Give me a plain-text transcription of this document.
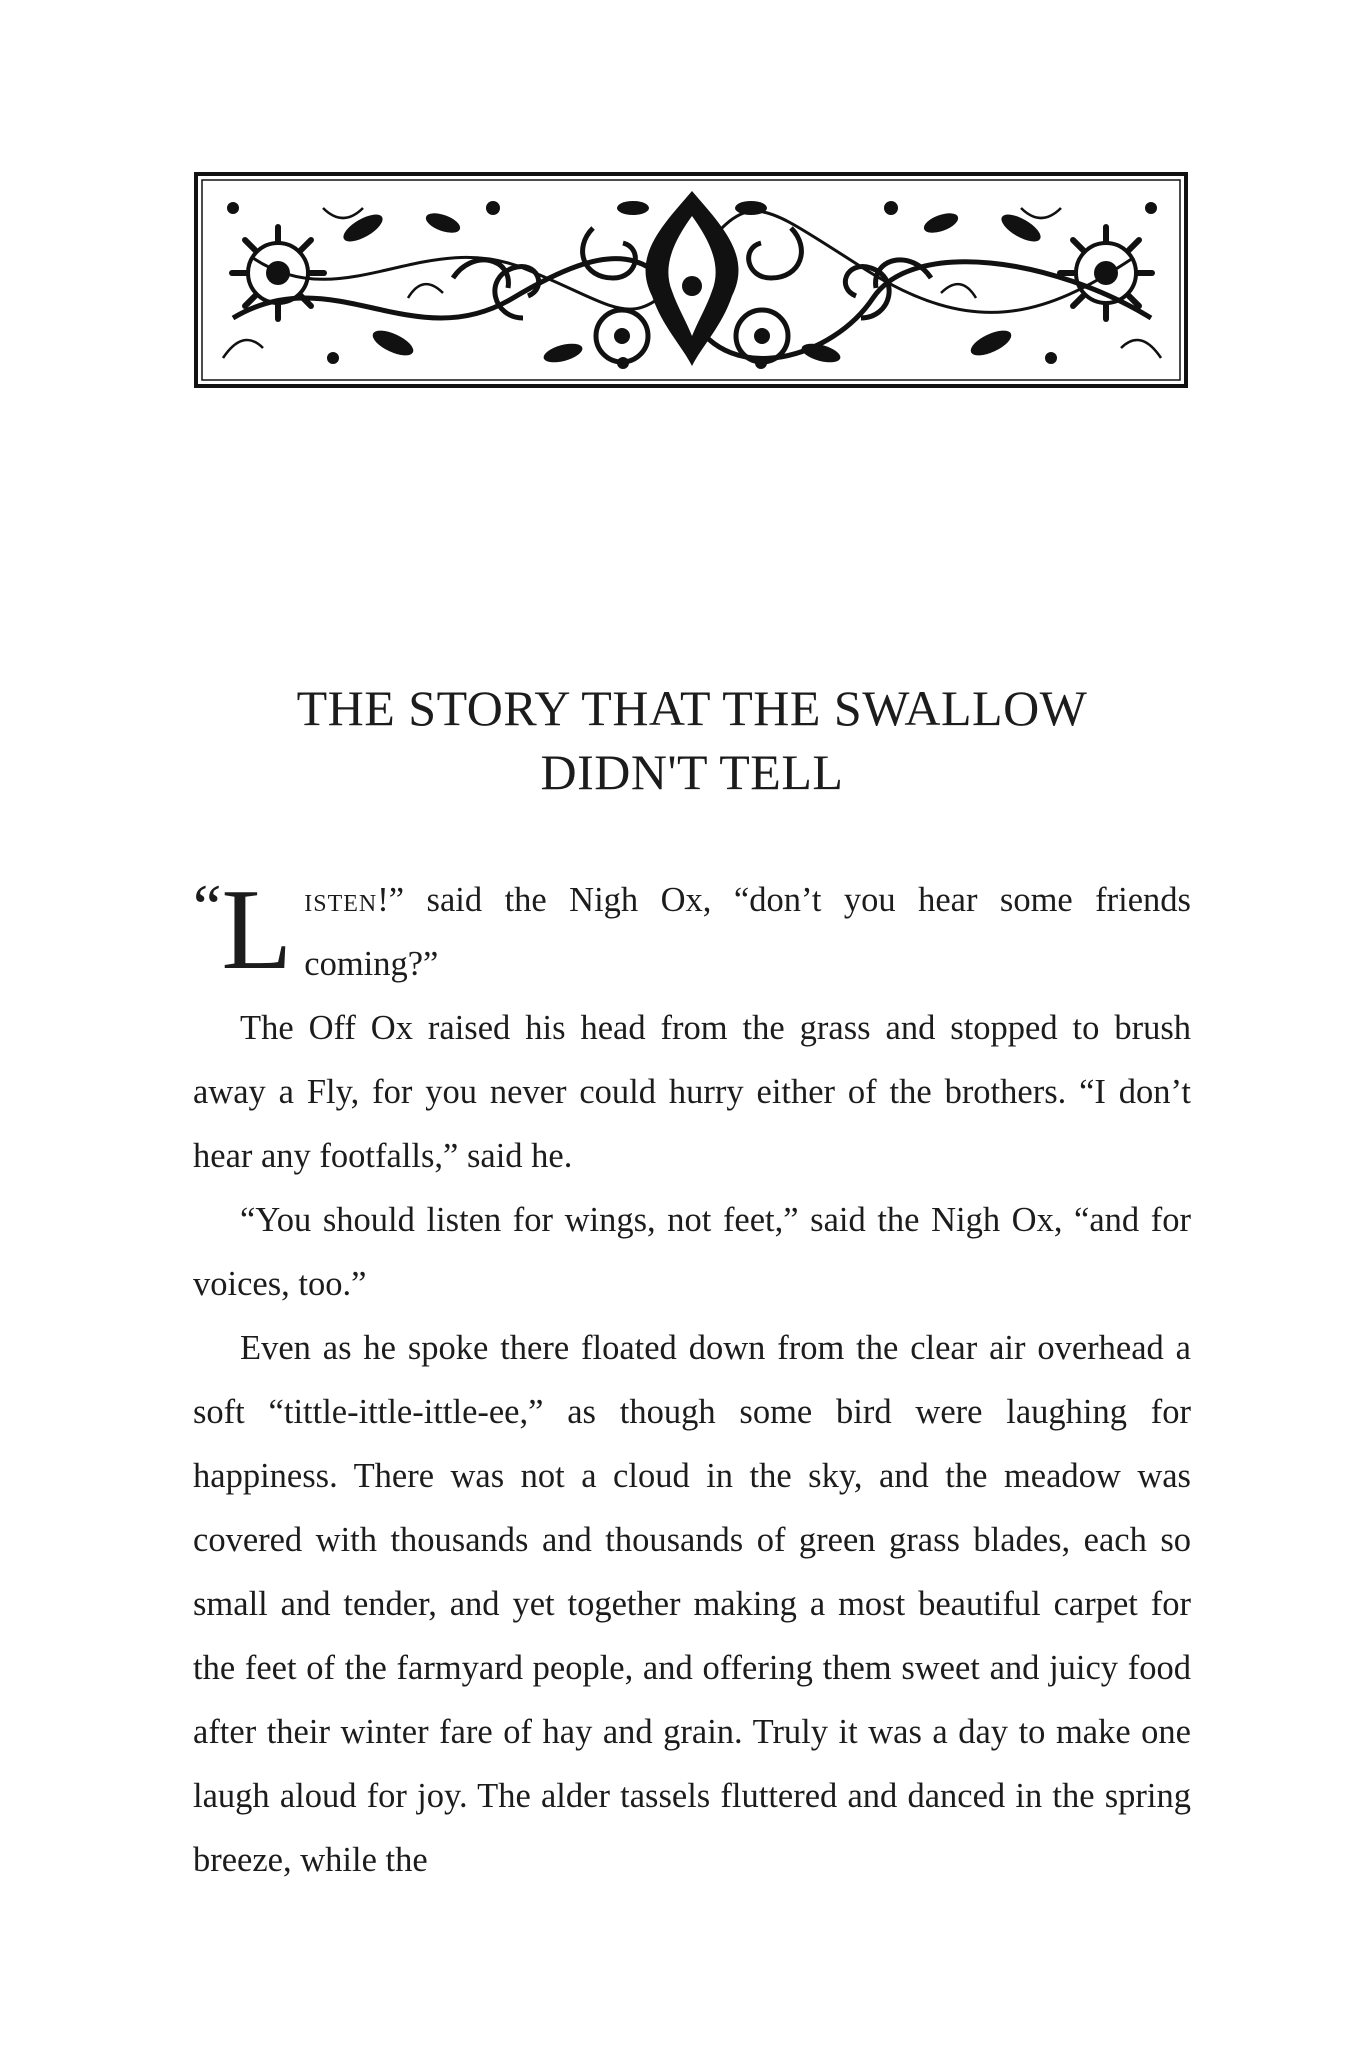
THE STORY THAT THE SWALLOW
DIDN'T TELL

“ L isten!” said the Nigh Ox, “don’t you hear some friends coming?”

The Off Ox raised his head from the grass and stopped to brush away a Fly, for you never could hurry either of the brothers. “I don’t hear any footfalls,” said he.

“You should listen for wings, not feet,” said the Nigh Ox, “and for voices, too.”

Even as he spoke there floated down from the clear air overhead a soft “tittle-ittle-ittle-ee,” as though some bird were laughing for happiness. There was not a cloud in the sky, and the meadow was covered with thousands and thousands of green grass blades, each so small and tender, and yet together making a most beautiful carpet for the feet of the farmyard people, and offering them sweet and juicy food after their winter fare of hay and grain. Truly it was a day to make one laugh aloud for joy. The alder tassels fluttered and danced in the spring breeze, while the
